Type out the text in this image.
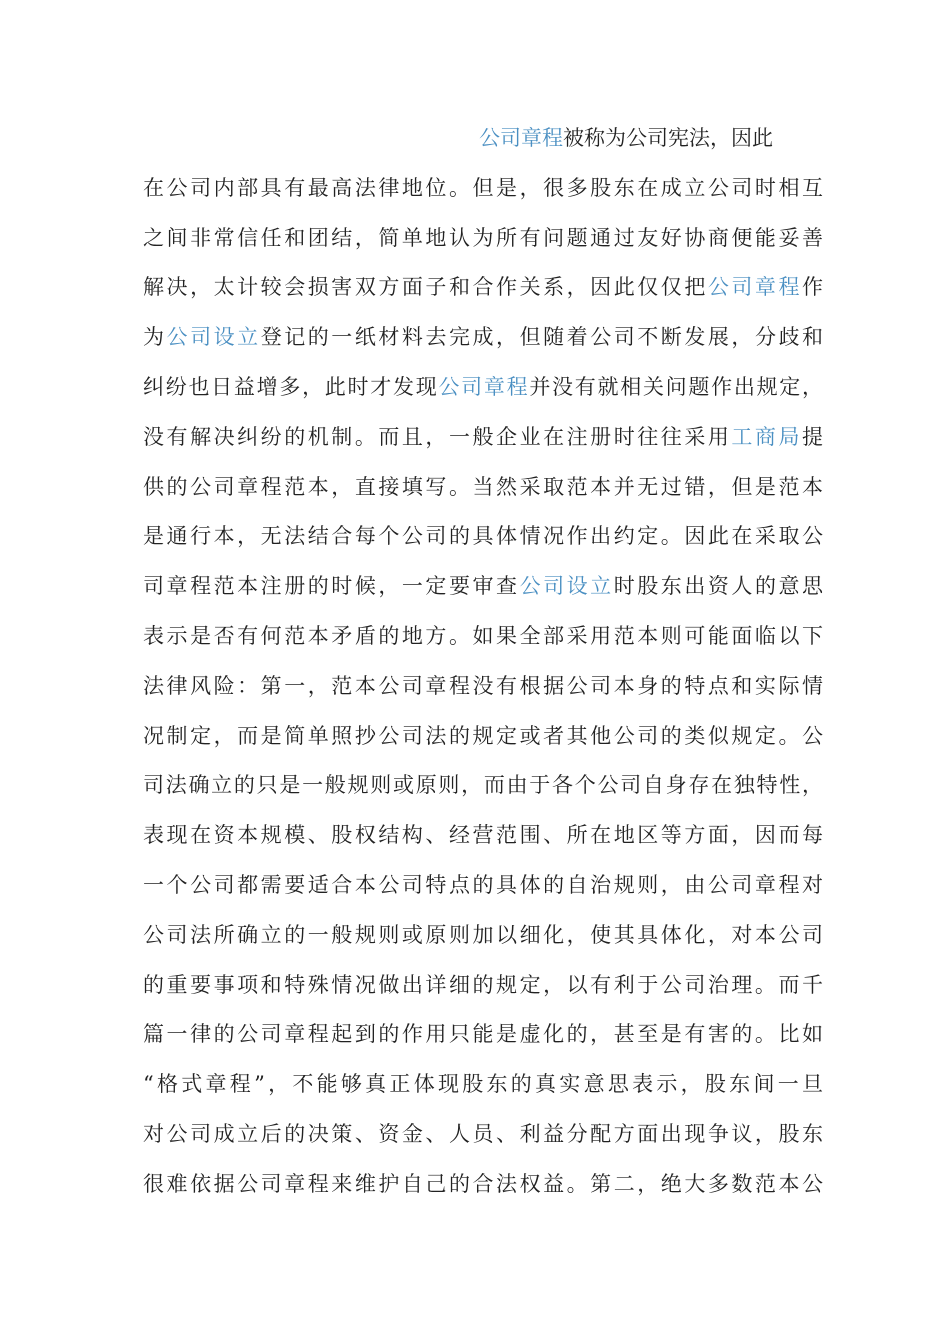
公司章程被称为公司宪法，因此
在公司内部具有最高法律地位。但是，很多股东在成立公司时相互
之间非常信任和团结，简单地认为所有问题通过友好协商便能妥善
解决，太计较会损害双方面子和合作关系，因此仅仅把公司章程作
为公司设立登记的一纸材料去完成，但随着公司不断发展，分歧和
纠纷也日益增多，此时才发现公司章程并没有就相关问题作出规定，
没有解决纠纷的机制。而且，一般企业在注册时往往采用工商局提
供的公司章程范本，直接填写。当然采取范本并无过错，但是范本
是通行本，无法结合每个公司的具体情况作出约定。因此在采取公
司章程范本注册的时候，一定要审查公司设立时股东出资人的意思
表示是否有何范本矛盾的地方。如果全部采用范本则可能面临以下
法律风险：第一，范本公司章程没有根据公司本身的特点和实际情
况制定，而是简单照抄公司法的规定或者其他公司的类似规定。公
司法确立的只是一般规则或原则，而由于各个公司自身存在独特性，
表现在资本规模、股权结构、经营范围、所在地区等方面，因而每
一个公司都需要适合本公司特点的具体的自治规则，由公司章程对
公司法所确立的一般规则或原则加以细化，使其具体化，对本公司
的重要事项和特殊情况做出详细的规定，以有利于公司治理。而千
篇一律的公司章程起到的作用只能是虚化的，甚至是有害的。比如
“格式章程”，不能够真正体现股东的真实意思表示，股东间一旦
对公司成立后的决策、资金、人员、利益分配方面出现争议，股东
很难依据公司章程来维护自己的合法权益。第二，绝大多数范本公
